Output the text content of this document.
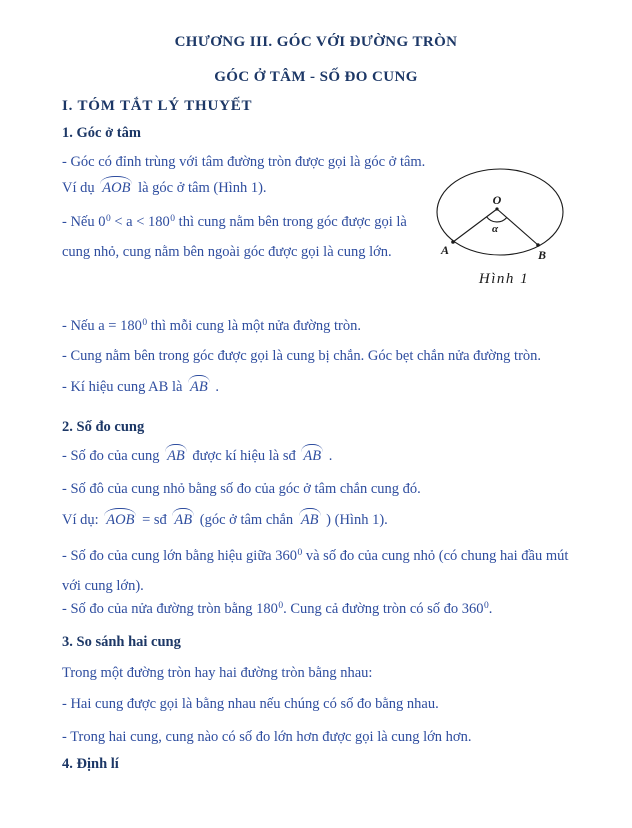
CHƯƠNG III. GÓC VỚI ĐƯỜNG TRÒN
GÓC Ở TÂM - SỐ ĐO CUNG
I. TÓM TẮT LÝ THUYẾT
1. Góc ở tâm
- Góc có đỉnh trùng với tâm đường tròn được gọi là góc ở tâm.
Ví dụ AOB là góc ở tâm (Hình 1).
- Nếu $0^0 < a < 180^0$ thì cung nằm bên trong góc được gọi là cung nhỏ, cung nằm bên ngoài góc được gọi là cung lớn.
O
A	B
α
Hình 1
- Nếu $a = 180^0$ thì mỗi cung là một nửa đường tròn.
- Cung nằm bên trong góc được gọi là cung bị chắn. Góc bẹt chắn nửa đường tròn.
- Kí hiệu cung AB là AB .
2. Số đo cung
- Số đo của cung AB được kí hiệu là sđ AB .
- Số đô của cung nhỏ bằng số đo của góc ở tâm chắn cung đó.
Ví dụ: AOB = sđ AB (góc ở tâm chắn AB ) (Hình 1).
- Số đo của cung lớn bằng hiệu giữa $360^0$ và số đo của cung nhỏ (có chung hai đầu mút với cung lớn).
- Số đo của nửa đường tròn bằng $180^0$. Cung cả đường tròn có số đo $360^0$.
3. So sánh hai cung
Trong một đường tròn hay hai đường tròn bằng nhau:
- Hai cung được gọi là bằng nhau nếu chúng có số đo bằng nhau.
- Trong hai cung, cung nào có số đo lớn hơn được gọi là cung lớn hơn.
4. Định lí
